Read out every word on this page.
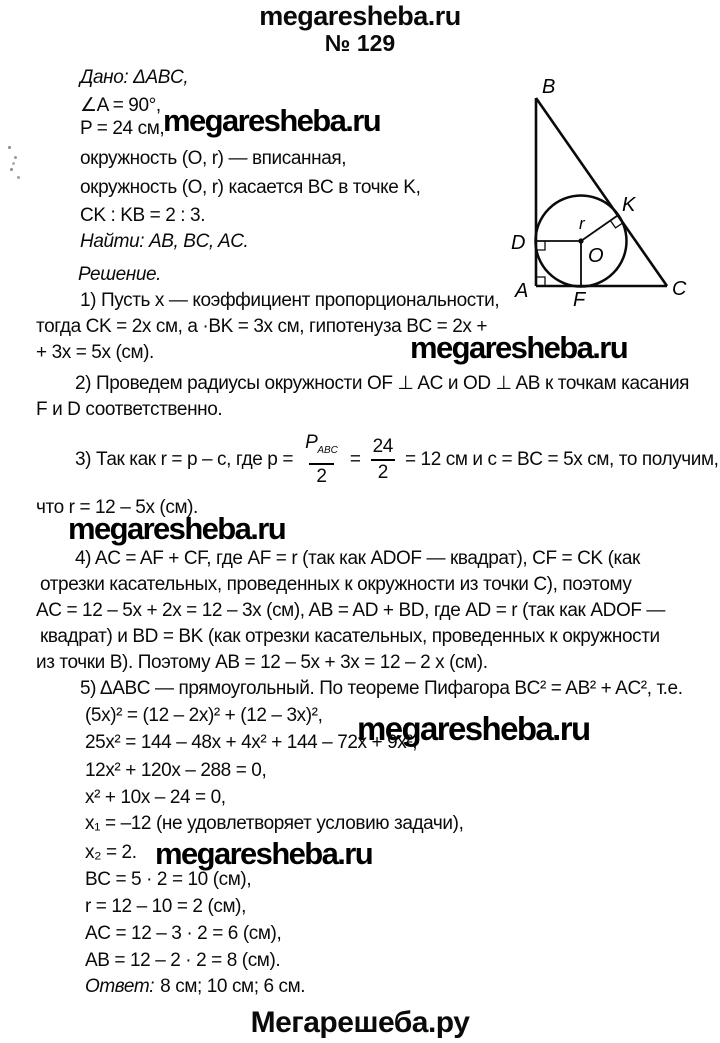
megaresheba.ru
№ 129
Дано: ΔABC,
∠A = 90°,
P = 24 см,
окружность (O, r) — вписанная,
окружность (O, r) касается BC в точке K,
CK : KB = 2 : 3.
Найти: AB, BC, AC.
megaresheba.ru
B
A	C
D
F
K
O
r
Решение.
1) Пусть x — коэффициент пропорциональности,
тогда CK = 2x см, а ·BK = 3x см, гипотенуза BC = 2x +
+ 3x = 5x (см).	megaresheba.ru
2) Проведем радиусы окружности OF ⊥ AC и OD ⊥ AB к точкам касания
F и D соответственно.
3) Так как r = p – c, где $p = \frac{P_{ABC}}{2} = \frac{24}{2} = 12$ см и c = BC = 5x см, то получим,
что r = 12 – 5x (см).
megaresheba.ru
4) AC = AF + CF, где AF = r (так как ADOF — квадрат), CF = CK (как
отрезки касательных, проведенных к окружности из точки C), поэтому
AC = 12 – 5x + 2x = 12 – 3x (см), AB = AD + BD, где AD = r (так как ADOF —
квадрат) и BD = BK (как отрезки касательных, проведенных к окружности
из точки B). Поэтому AB = 12 – 5x + 3x = 12 – 2 x (см).
5) ΔABC — прямоугольный. По теореме Пифагора BC² = AB² + AC², т.е.
(5x)² = (12 – 2x)² + (12 – 3x)², megaresheba.ru
25x² = 144 – 48x + 4x² + 144 – 72x + 9x²,
12x² + 120x – 288 = 0,
x² + 10x – 24 = 0,
x₁ = –12 (не удовлетворяет условию задачи),
x₂ = 2. megaresheba.ru
BC = 5 · 2 = 10 (см),
r = 12 – 10 = 2 (см),
AC = 12 – 3 · 2 = 6 (см),
AB = 12 – 2 · 2 = 8 (см).
Ответ: 8 см; 10 см; 6 см.
Мегарешеба.ру
